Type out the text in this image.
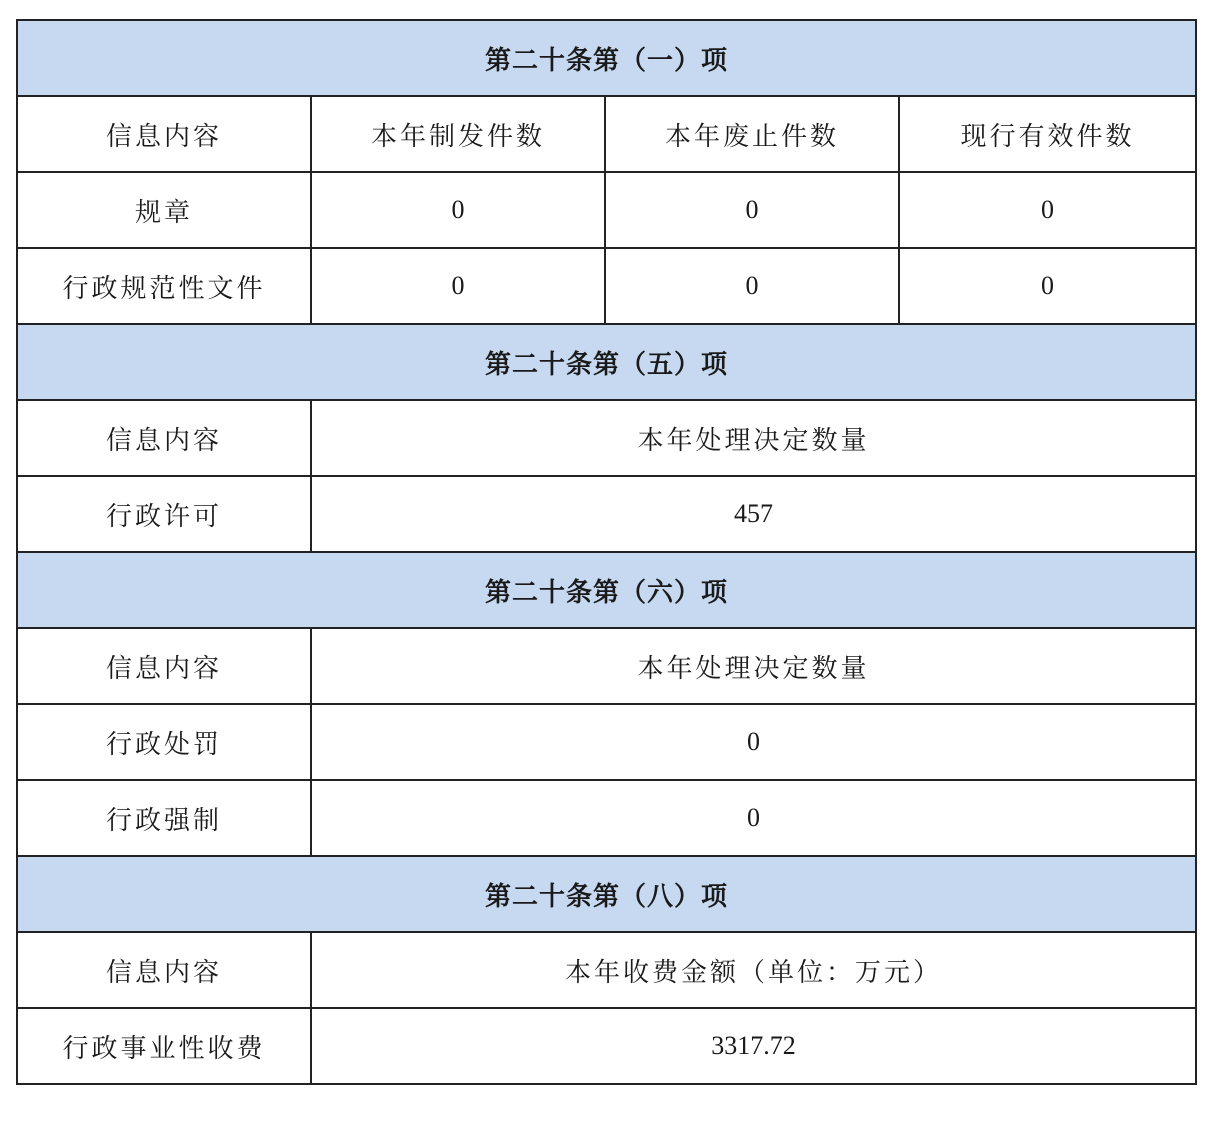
第二十条第（一）项			
信息内容	本年制发件数	本年废止件数	现行有效件数
规章	0	0	0
行政规范性文件	0	0	0
第二十条第（五）项			
信息内容	本年处理决定数量		
行政许可	457		
第二十条第（六）项			
信息内容	本年处理决定数量		
行政处罚	0		
行政强制	0		
第二十条第（八）项			
信息内容	本年收费金额（单位：万元）		
行政事业性收费	3317.72		
